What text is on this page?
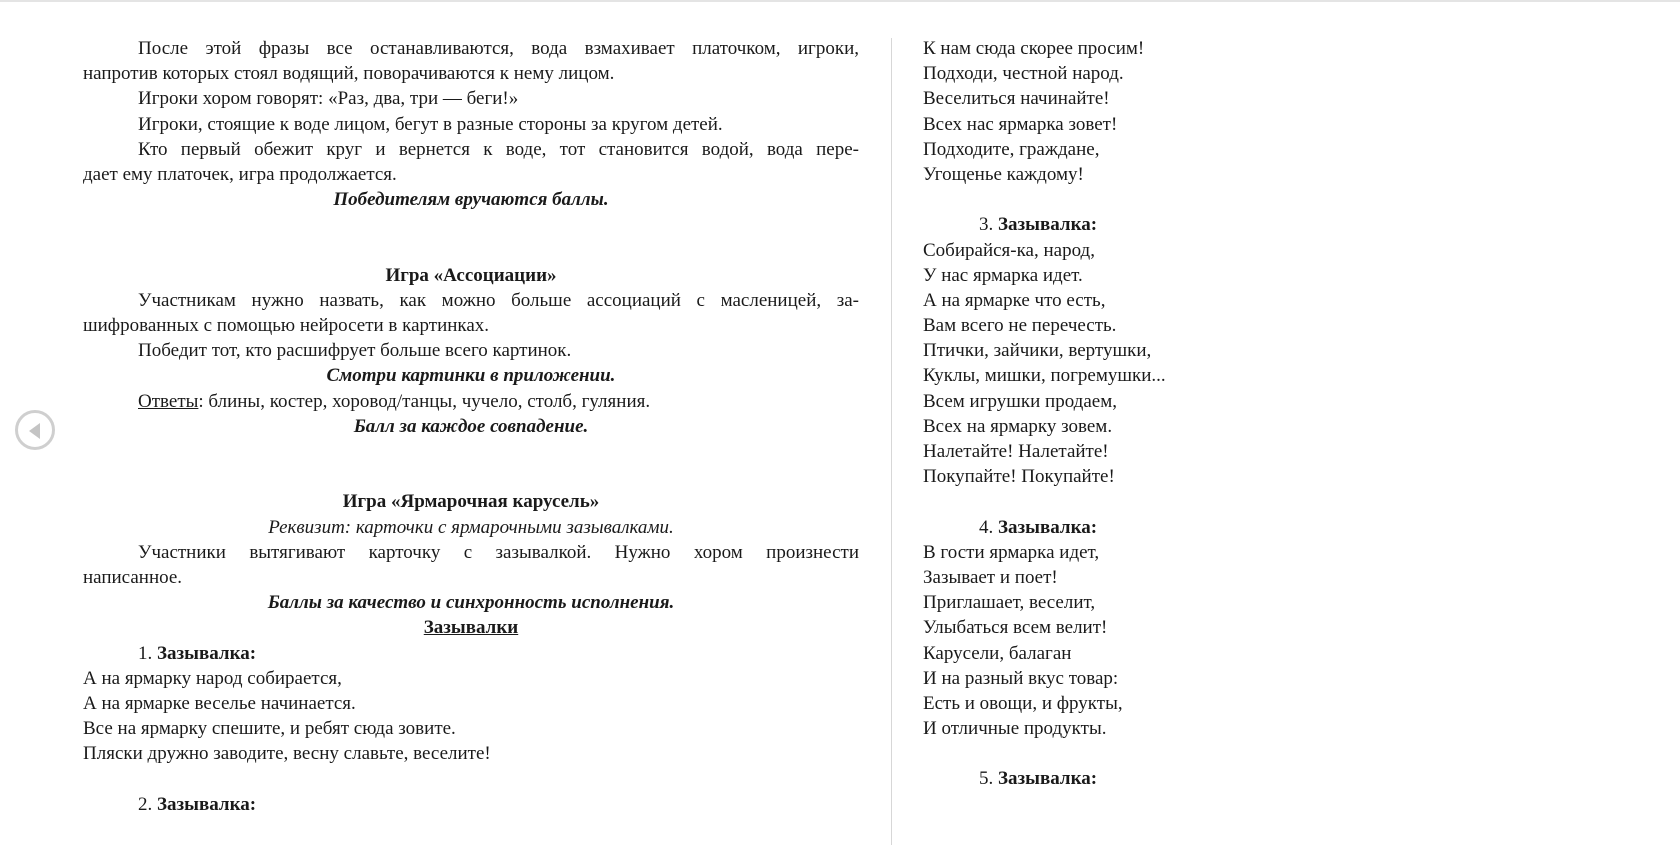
После этой фразы все останавливаются, вода взмахивает платочком, игроки,
напротив которых стоял водящий, поворачиваются к нему лицом.
Игроки хором говорят: «Раз, два, три — беги!»
Игроки, стоящие к воде лицом, бегут в разные стороны за кругом детей.
Кто первый обежит круг и вернется к воде, тот становится водой, вода пере-
дает ему платочек, игра продолжается.
Победителям вручаются баллы.
Игра «Ассоциации»
Участникам нужно назвать, как можно больше ассоциаций с масленицей, за-
шифрованных с помощью нейросети в картинках.
Победит тот, кто расшифрует больше всего картинок.
Смотри картинки в приложении.
Ответы: блины, костер, хоровод/танцы, чучело, столб, гуляния.
Балл за каждое совпадение.
Игра «Ярмарочная карусель»
Реквизит: карточки с ярмарочными зазывалками.
Участники вытягивают карточку с зазывалкой. Нужно хором произнести
написанное.
Баллы за качество и синхронность исполнения.
Зазывалки
1. Зазывалка:
А на ярмарку народ собирается,
А на ярмарке веселье начинается.
Все на ярмарку спешите, и ребят сюда зовите.
Пляски дружно заводите, весну славьте, веселите!
2. Зазывалка:
К нам сюда скорее просим!
Подходи, честной народ.
Веселиться начинайте!
Всех нас ярмарка зовет!
Подходите, граждане,
Угощенье каждому!
3. Зазывалка:
Собирайся-ка, народ,
У нас ярмарка идет.
А на ярмарке что есть,
Вам всего не перечесть.
Птички, зайчики, вертушки,
Куклы, мишки, погремушки...
Всем игрушки продаем,
Всех на ярмарку зовем.
Налетайте! Налетайте!
Покупайте! Покупайте!
4. Зазывалка:
В гости ярмарка идет,
Зазывает и поет!
Приглашает, веселит,
Улыбаться всем велит!
Карусели, балаган
И на разный вкус товар:
Есть и овощи, и фрукты,
И отличные продукты.
5. Зазывалка:
